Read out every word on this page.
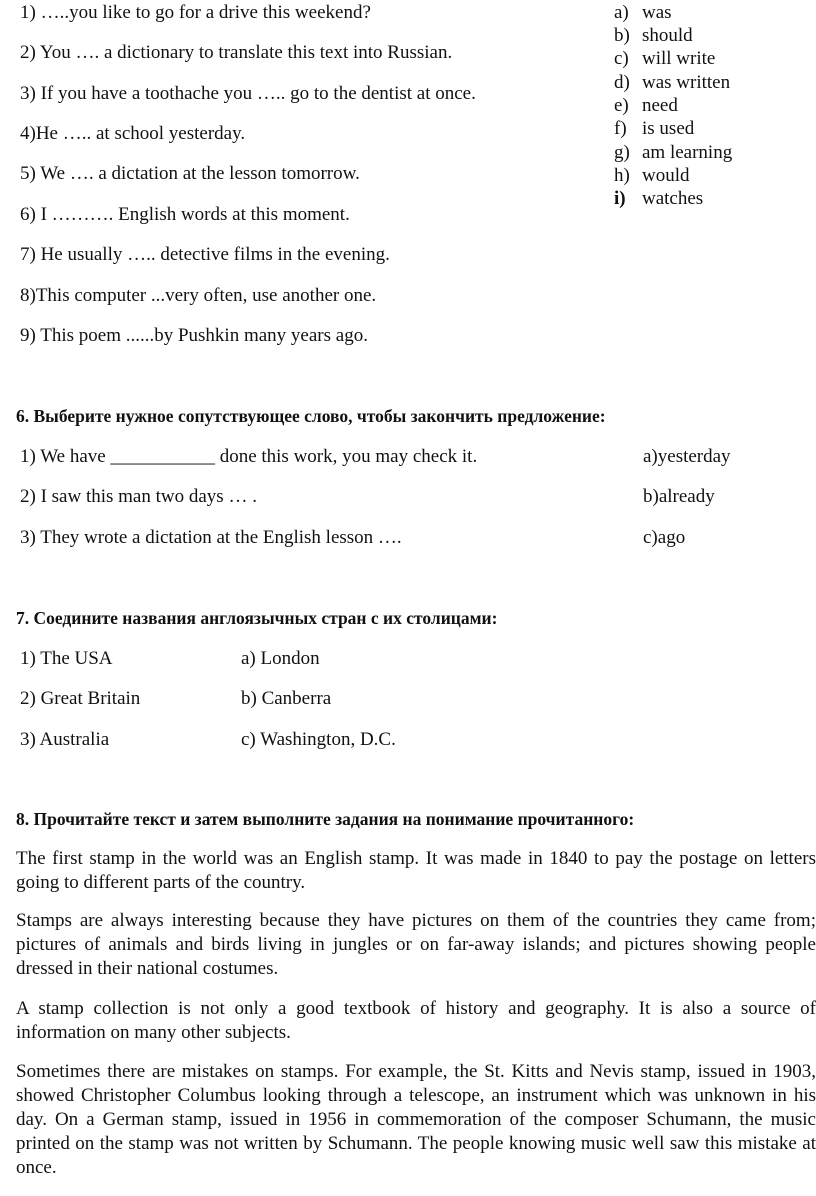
1) …..you like to go for a drive this weekend?
2) You …. a dictionary to translate this text into Russian.
3) If you have a toothache you ….. go to the dentist at once.
4)He ….. at school yesterday.
5) We …. a dictation at the lesson tomorrow.
6) I ………. English words at this moment.
7) He usually ….. detective films in the evening.
8)This computer ...very often, use another one.
9) This poem ......by Pushkin many years ago.
a) was
b) should
c) will write
d) was written
e) need
f) is used
g) am learning
h) would
i) watches
6. Выберите нужное сопутствующее слово, чтобы закончить предложение:
1) We have ___________ done this work, you may check it.	a)yesterday
2) I saw this man two days … .	b)already
3) They wrote a dictation at the English lesson ….	c)ago
7. Соедините названия англоязычных стран с их столицами:
1) The USA	a) London
2) Great Britain	b) Canberra
3) Australia	c) Washington, D.C.
8. Прочитайте текст и затем выполните задания на понимание прочитанного:

The first stamp in the world was an English stamp. It was made in 1840 to pay the postage on letters going to different parts of the country.

Stamps are always interesting because they have pictures on them of the countries they came from; pictures of animals and birds living in jungles or on far-away islands; and pictures showing people dressed in their national costumes.

A stamp collection is not only a good textbook of history and geography. It is also a source of information on many other subjects.

Sometimes there are mistakes on stamps. For example, the St. Kitts and Nevis stamp, issued in 1903, showed Christopher Columbus looking through a telescope, an instrument which was unknown in his day. On a German stamp, issued in 1956 in commemoration of the composer Schumann, the music printed on the stamp was not written by Schumann. The people knowing music well saw this mistake at once.
